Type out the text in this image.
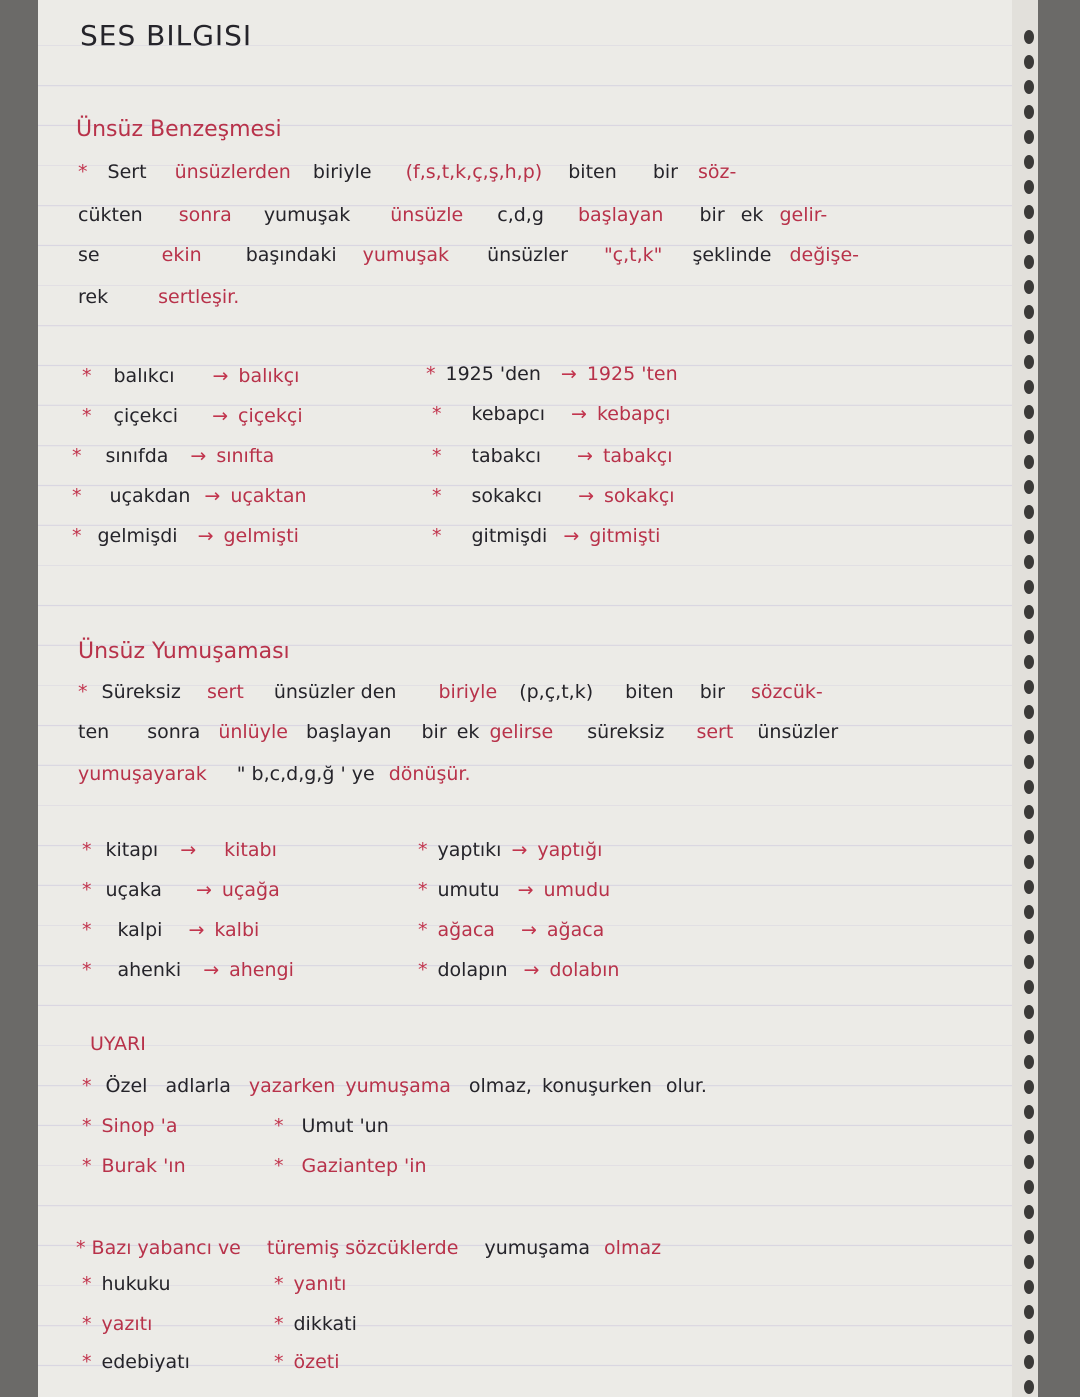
SES BILGISI
Ünsüz Benzeşmesi
* Sert ünsüzlerden biriyle (f,s,t,k,ç,ş,h,p) biten bir söz-
cükten sonra yumuşak ünsüzle c,d,g başlayan bir ek gelir-
se	ekin başındaki yumuşak ünsüzler "ç,t,k" şeklinde değişe-
rek	sertleşir.
* balıkcı → balıkçı
* çiçekci → çiçekçi
* sınıfda → sınıfta
* uçakdan → uçaktan
* gelmişdi → gelmişti
* 1925 'den → 1925 'ten
* kebapcı → kebapçı
* tabakcı → tabakçı
* sokakcı → sokakçı
* gitmişdi → gitmişti
Ünsüz Yumuşaması
* Süreksiz sert ünsüzler den biriyle (p,ç,t,k) biten bir sözcük-
ten sonra ünlüyle başlayan bir ek gelirse süreksiz sert ünsüzler
yumuşayarak " b,c,d,g,ğ ' ye dönüşür.
* kitapı → kitabı
* uçaka → uçağa
* kalpi → kalbi
* ahenki → ahengi
* yaptıkı → yaptığı
* umutu → umudu
* ağaca → ağaca
* dolapın → dolabın
UYARI
* Özel adlarla yazarken yumuşama olmaz, konuşurken olur.
* Sinop 'a
* Burak 'ın
* Umut 'un
* Gaziantep 'in
* Bazı yabancı ve türemiş sözcüklerde yumuşama olmaz
* hukuku
* yazıtı
* edebiyatı
* yanıtı
* dikkati
* özeti
